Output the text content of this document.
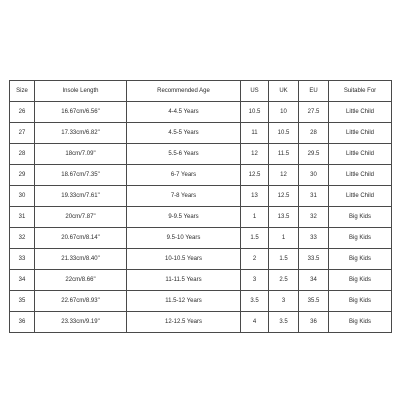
Size	Insole Length	Recommended Age	US	UK	EU	Suitable For
26	16.67cm/6.56"	4-4.5 Years	10.5	10	27.5	Little Child
27	17.33cm/6.82"	4.5-5 Years	11	10.5	28	Little Child
28	18cm/7.09"	5.5-6 Years	12	11.5	29.5	Little Child
29	18.67cm/7.35"	6-7 Years	12.5	12	30	Little Child
30	19.33cm/7.61"	7-8 Years	13	12.5	31	Little Child
31	20cm/7.87"	9-9.5 Years	1	13.5	32	Big Kids
32	20.67cm/8.14"	9.5-10 Years	1.5	1	33	Big Kids
33	21.33cm/8.40"	10-10.5 Years	2	1.5	33.5	Big Kids
34	22cm/8.66"	11-11.5 Years	3	2.5	34	Big Kids
35	22.67cm/8.93"	11.5-12 Years	3.5	3	35.5	Big Kids
36	23.33cm/9.19"	12-12.5 Years	4	3.5	36	Big Kids
